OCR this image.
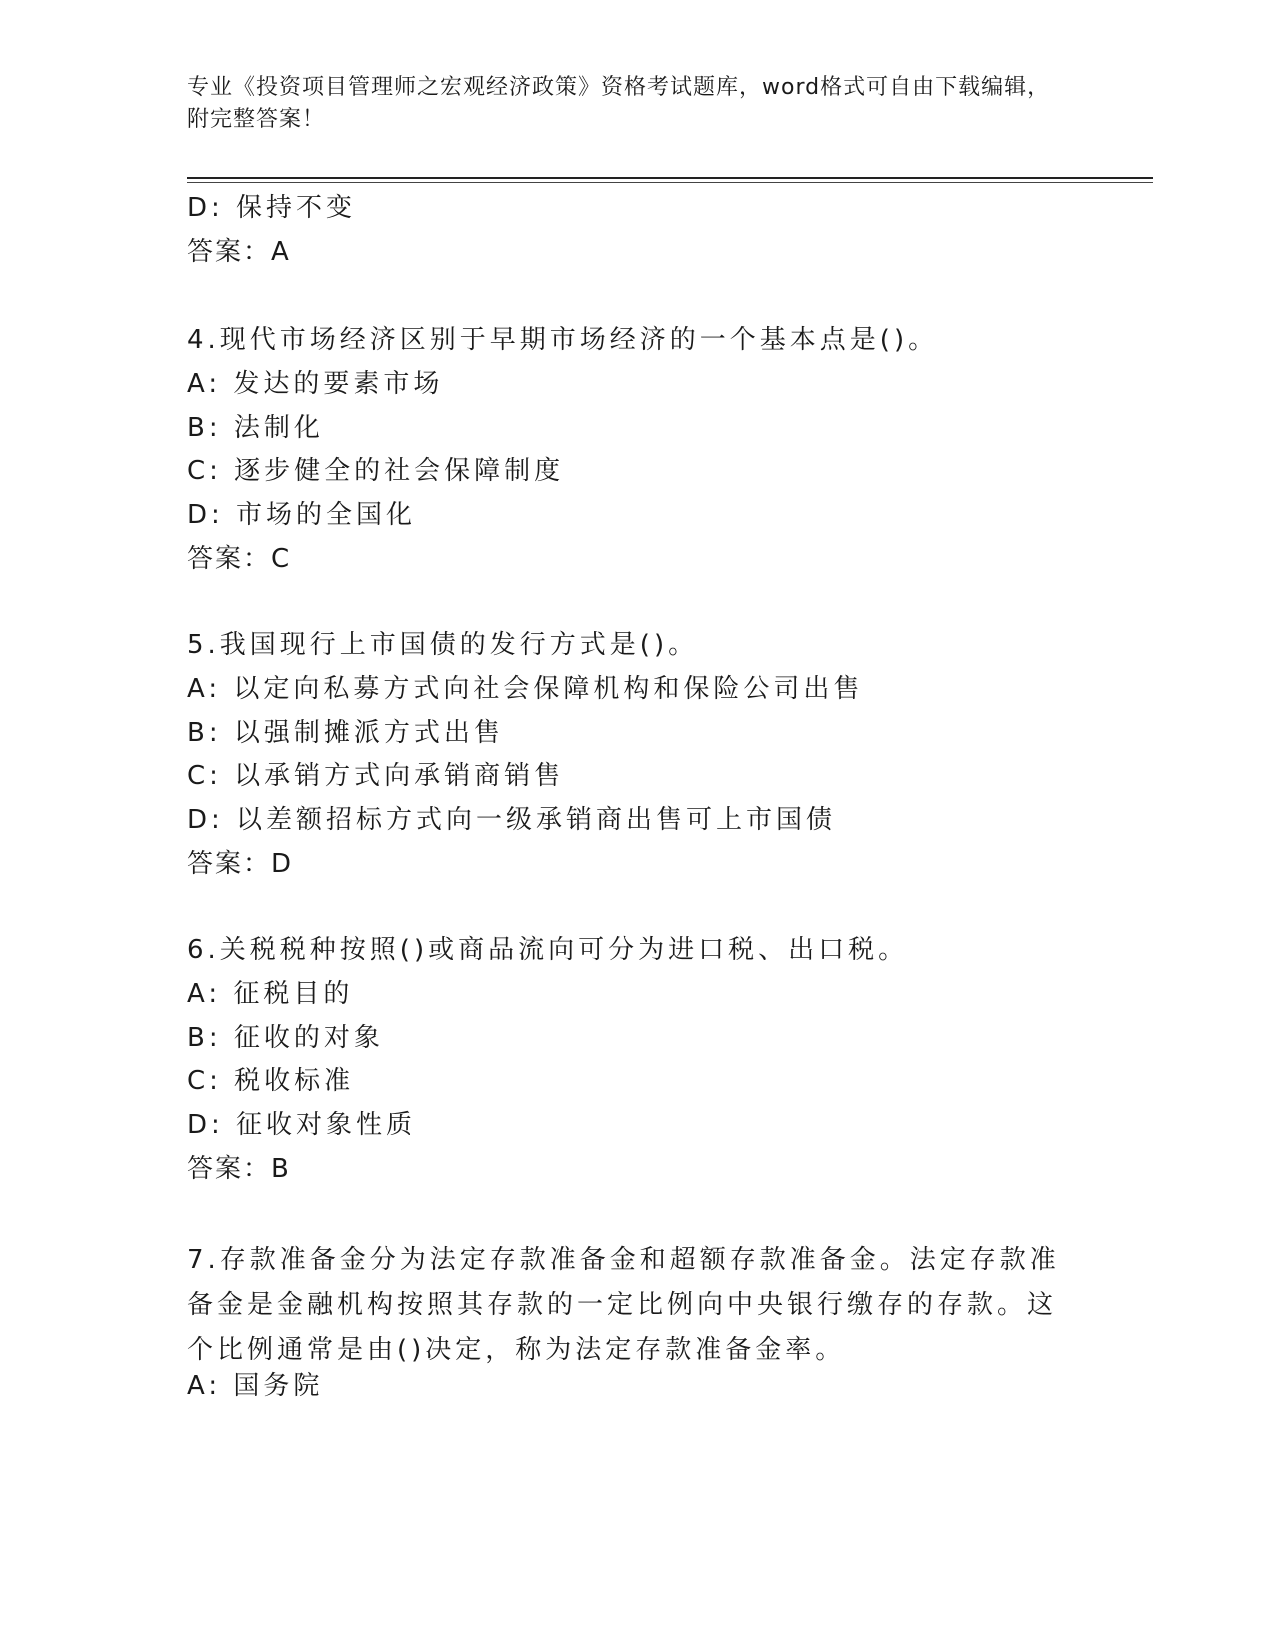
专业《投资项目管理师之宏观经济政策》资格考试题库，word格式可自由下载编辑，附完整答案！
D: 保持不变
答案：A
4.现代市场经济区别于早期市场经济的一个基本点是()。
A: 发达的要素市场
B: 法制化
C: 逐步健全的社会保障制度
D: 市场的全国化
答案：C
5.我国现行上市国债的发行方式是()。
A: 以定向私募方式向社会保障机构和保险公司出售
B: 以强制摊派方式出售
C: 以承销方式向承销商销售
D: 以差额招标方式向一级承销商出售可上市国债
答案：D
6.关税税种按照()或商品流向可分为进口税、出口税。
A: 征税目的
B: 征收的对象
C: 税收标准
D: 征收对象性质
答案：B
7.存款准备金分为法定存款准备金和超额存款准备金。法定存款准备金是金融机构按照其存款的一定比例向中央银行缴存的存款。这个比例通常是由()决定，称为法定存款准备金率。
A: 国务院
